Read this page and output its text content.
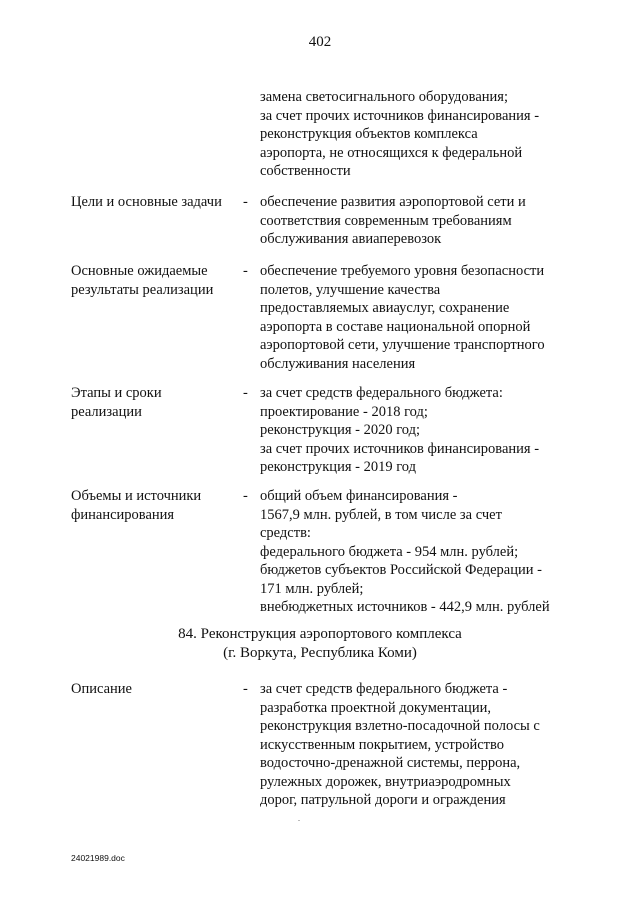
402
замена светосигнального оборудования;
за счет прочих источников финансирования -
реконструкция объектов комплекса
аэропорта, не относящихся к федеральной
собственности
Цели и основные задачи	- обеспечение развития аэропортовой сети и
соответствия современным требованиям
обслуживания авиаперевозок
Основные ожидаемые
результаты реализации
- обеспечение требуемого уровня безопасности
полетов, улучшение качества
предоставляемых авиауслуг, сохранение
аэропорта в составе национальной опорной
аэропортовой сети, улучшение транспортного
обслуживания населения
Этапы и сроки
реализации
- за счет средств федерального бюджета:
проектирование - 2018 год;
реконструкция - 2020 год;
за счет прочих источников финансирования -
реконструкция - 2019 год
Объемы и источники
финансирования
- общий объем финансирования -
1567,9 млн. рублей, в том числе за счет
средств:
федерального бюджета - 954 млн. рублей;
бюджетов субъектов Российской Федерации -
171 млн. рублей;
внебюджетных источников - 442,9 млн. рублей
84. Реконструкция аэропортового комплекса
(г. Воркута, Республика Коми)
Описание	- за счет средств федерального бюджета -
разработка проектной документации,
реконструкция взлетно-посадочной полосы с
искусственным покрытием, устройство
водосточно-дренажной системы, перрона,
рулежных дорожек, внутриаэродромных
дорог, патрульной дороги и ограждения
24021989.doc
